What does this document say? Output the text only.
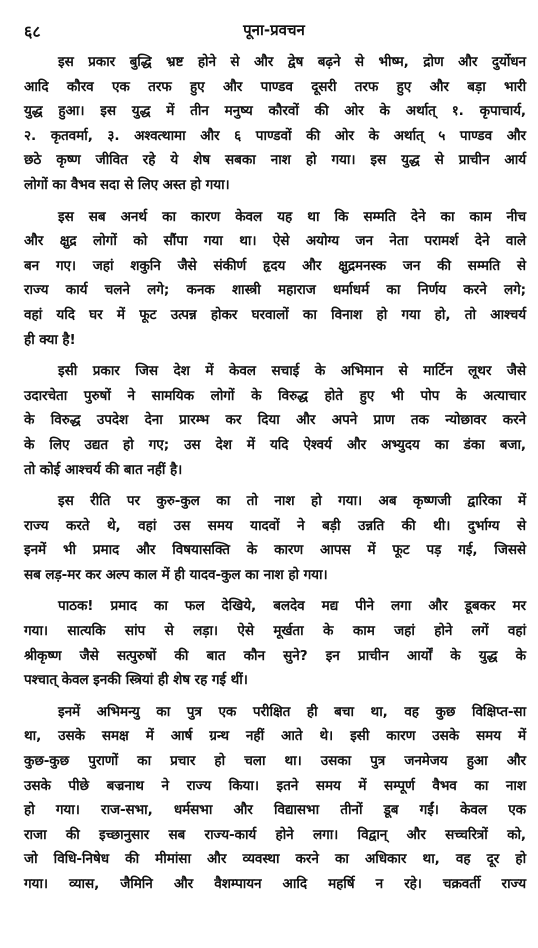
६८	पूना-प्रवचन
इस प्रकार बुद्धि भ्रष्ट होने से और द्वेष बढ़ने से भीष्म, द्रोण और दुर्योधन
आदि कौरव एक तरफ हुए और पाण्डव दूसरी तरफ हुए और बड़ा भारी
युद्ध हुआ। इस युद्ध में तीन मनुष्य कौरवों की ओर के अर्थात् १. कृपाचार्य,
२. कृतवर्मा, ३. अश्वत्थामा और ६ पाण्डवों की ओर के अर्थात् ५ पाण्डव और
छठे कृष्ण जीवित रहे ये शेष सबका नाश हो गया। इस युद्ध से प्राचीन आर्य
लोगों का वैभव सदा से लिए अस्त हो गया।
इस सब अनर्थ का कारण केवल यह था कि सम्मति देने का काम नीच
और क्षुद्र लोगों को सौंपा गया था। ऐसे अयोग्य जन नेता परामर्श देने वाले
बन गए। जहां शकुनि जैसे संकीर्ण हृदय और क्षुद्रमनस्क जन की सम्मति से
राज्य कार्य चलने लगे; कनक शास्त्री महाराज धर्माधर्म का निर्णय करने लगे;
वहां यदि घर में फूट उत्पन्न होकर घरवालों का विनाश हो गया हो, तो आश्चर्य
ही क्या है!
इसी प्रकार जिस देश में केवल सचाई के अभिमान से मार्टिन लूथर जैसे
उदारचेता पुरुषों ने सामयिक लोगों के विरुद्ध होते हुए भी पोप के अत्याचार
के विरुद्ध उपदेश देना प्रारम्भ कर दिया और अपने प्राण तक न्योछावर करने
के लिए उद्यत हो गए; उस देश में यदि ऐश्वर्य और अभ्युदय का डंका बजा,
तो कोई आश्चर्य की बात नहीं है।
इस रीति पर कुरु-कुल का तो नाश हो गया। अब कृष्णजी द्वारिका में
राज्य करते थे, वहां उस समय यादवों ने बड़ी उन्नति की थी। दुर्भाग्य से
इनमें भी प्रमाद और विषयासक्ति के कारण आपस में फूट पड़ गई, जिससे
सब लड़-मर कर अल्प काल में ही यादव-कुल का नाश हो गया।
पाठक! प्रमाद का फल देखिये, बलदेव मद्य पीने लगा और डूबकर मर
गया। सात्यकि सांप से लड़ा। ऐसे मूर्खता के काम जहां होने लगें वहां
श्रीकृष्ण जैसे सत्पुरुषों की बात कौन सुने? इन प्राचीन आर्यों के युद्ध के
पश्चात् केवल इनकी स्त्रियां ही शेष रह गई थीं।
इनमें अभिमन्यु का पुत्र एक परीक्षित ही बचा था, वह कुछ विक्षिप्त-सा
था, उसके समक्ष में आर्ष ग्रन्थ नहीं आते थे। इसी कारण उसके समय में
कुछ-कुछ पुराणों का प्रचार हो चला था। उसका पुत्र जनमेजय हुआ और
उसके पीछे बज्रनाथ ने राज्य किया। इतने समय में सम्पूर्ण वैभव का नाश
हो गया। राज-सभा, धर्मसभा और विद्यासभा तीनों डूब गईं। केवल एक
राजा की इच्छानुसार सब राज्य-कार्य होने लगा। विद्वान् और सच्चरित्रों को,
जो विधि-निषेध की मीमांसा और व्यवस्था करने का अधिकार था, वह दूर हो
गया। व्यास, जैमिनि और वैशम्पायन आदि महर्षि न रहे। चक्रवर्ती राज्य
